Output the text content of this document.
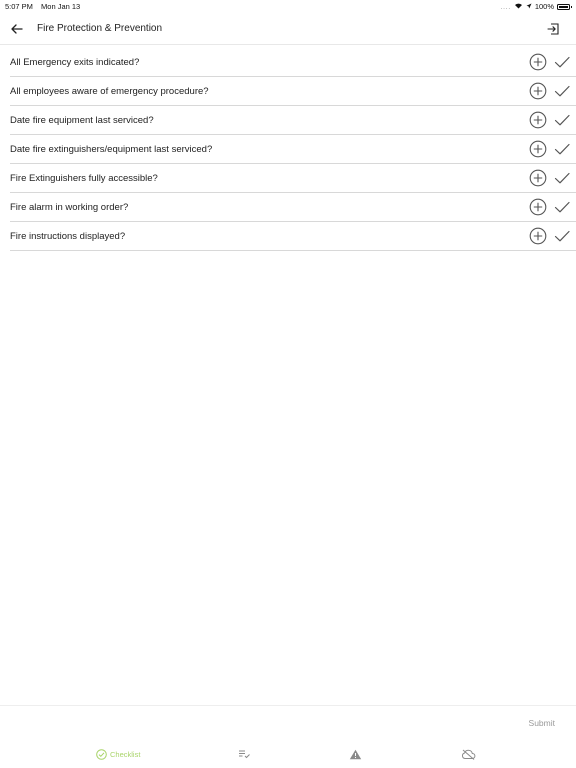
5:07 PM Mon Jan 13	....	100%
Fire Protection & Prevention
All Emergency exits indicated?
All employees aware of emergency procedure?
Date fire equipment last serviced?
Date fire extinguishers/equipment last serviced?
Fire Extinguishers fully accessible?
Fire alarm in working order?
Fire instructions displayed?
Submit
Checklist
